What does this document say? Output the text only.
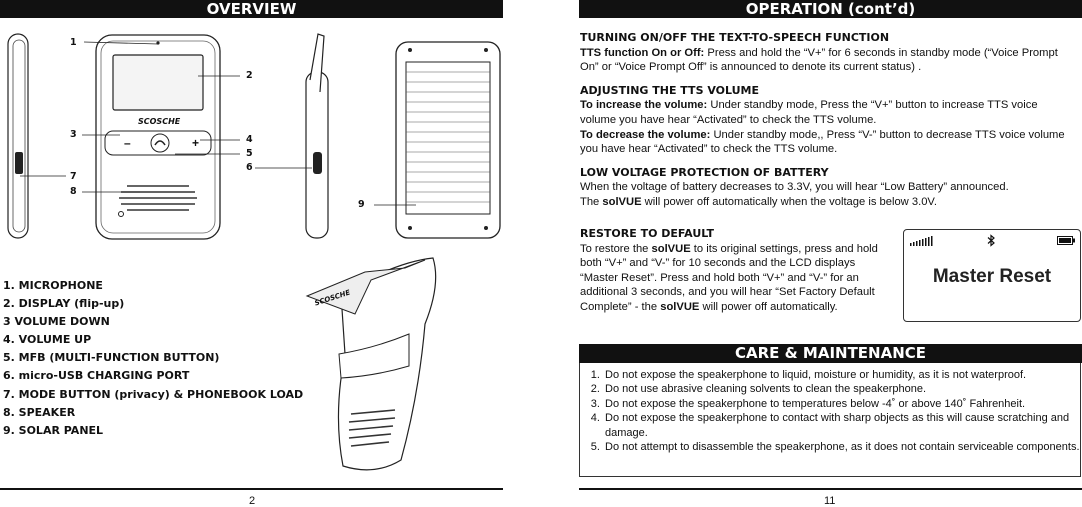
OVERVIEW
SCOSCHE
–	+
1
2
3	4
5
6
7
8
9
SCOSCHE
1. MICROPHONE
2. DISPLAY (flip-up)
3 VOLUME DOWN
4. VOLUME UP
5. MFB (MULTI-FUNCTION BUTTON)
6. micro-USB CHARGING PORT
7. MODE BUTTON (privacy) & PHONEBOOK LOAD
8. SPEAKER
9. SOLAR PANEL
2
OPERATION (cont’d)
TURNING ON/OFF THE TEXT-TO-SPEECH FUNCTION

TTS function On or Off: Press and hold the “V+” for 6 seconds in standby mode (“Voice Prompt On” or “Voice Prompt Off” is announced to denote its current status) .

ADJUSTING THE TTS VOLUME

To increase the volume: Under standby mode, Press the “V+” button to increase TTS voice volume you have hear “Activated” to check the TTS volume.

To decrease the volume: Under standby mode,, Press “V-” button to decrease TTS voice volume you have hear “Activated” to check the TTS volume.

LOW VOLTAGE PROTECTION OF BATTERY

When the voltage of battery decreases to 3.3V, you will hear “Low Battery” announced.

The solVUE will power off automatically when the voltage is below 3.0V.

RESTORE TO DEFAULT

To restore the solVUE to its original settings, press and hold both “V+” and “V-” for 10 seconds and the LCD displays “Master Reset”. Press and hold both “V+” and “V-” for an additional 3 seconds, and you will hear “Set Factory Default Complete” - the solVUE will power off automatically.

Master Reset
CARE & MAINTENANCE
1. Do not expose the speakerphone to liquid, moisture or humidity, as it is not waterproof.
2. Do not use abrasive cleaning solvents to clean the speakerphone.
3. Do not expose the speakerphone to temperatures below -4˚ or above 140˚ Fahrenheit.
4. Do not expose the speakerphone to contact with sharp objects as this will cause scratching and damage.
5. Do not attempt to disassemble the speakerphone, as it does not contain serviceable components.
11
